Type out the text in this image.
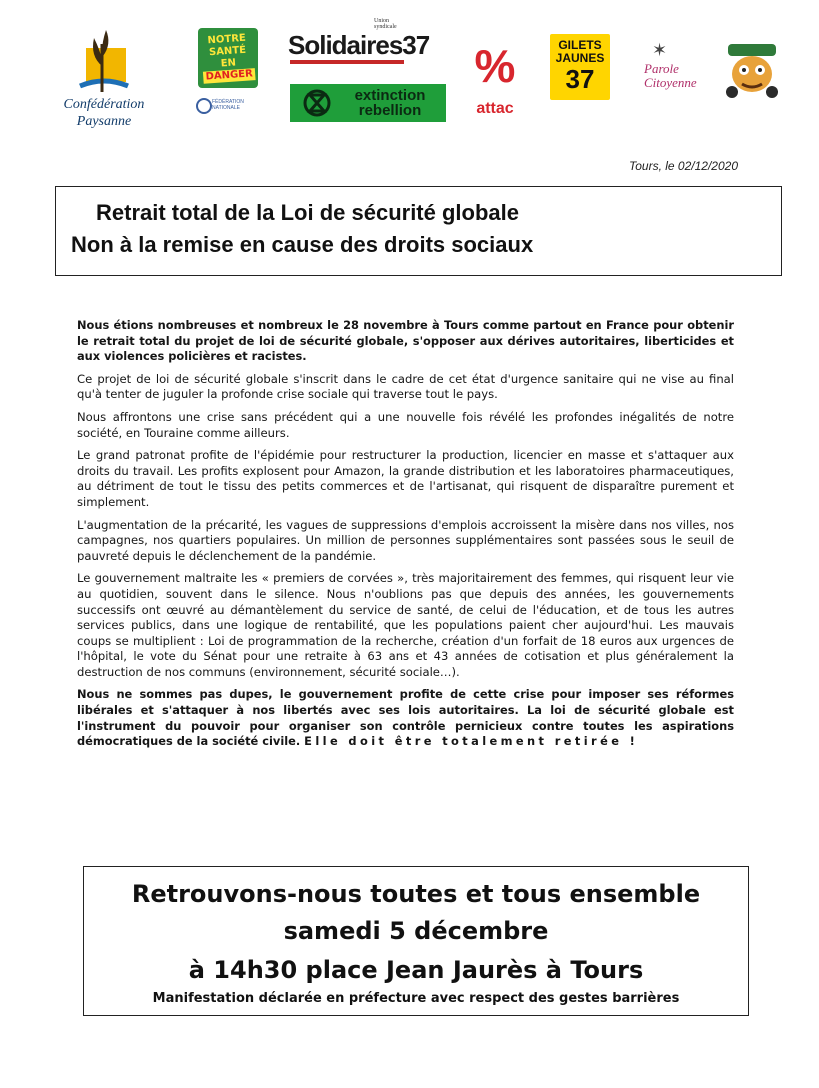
Confédération
Paysanne
NOTRE
SANTÉ EN
DANGER
FÉDÉRATION NATIONALE
Union
syndicale
Solidaires37
extinction
rebellion
%
attac
GILETS
JAUNES
37
✶
Parole
Citoyenne
Tours, le 02/12/2020
Retrait total de la Loi de sécurité globale
Non à la remise en cause des droits sociaux

Nous étions nombreuses et nombreux le 28 novembre à Tours comme partout en France pour obtenir le retrait total du projet de loi de sécurité globale, s'opposer aux dérives autoritaires, liberticides et aux violences policières et racistes.

Ce projet de loi de sécurité globale s'inscrit dans le cadre de cet état d'urgence sanitaire qui ne vise au final qu'à tenter de juguler la profonde crise sociale qui traverse tout le pays.

Nous affrontons une crise sans précédent qui a une nouvelle fois révélé les profondes inégalités de notre société, en Touraine comme ailleurs.

Le grand patronat profite de l'épidémie pour restructurer la production, licencier en masse et s'attaquer aux droits du travail. Les profits explosent pour Amazon, la grande distribution et les laboratoires pharmaceutiques, au détriment de tout le tissu des petits commerces et de l'artisanat, qui risquent de disparaître purement et simplement.

L'augmentation de la précarité, les vagues de suppressions d'emplois accroissent la misère dans nos villes, nos campagnes, nos quartiers populaires. Un million de personnes supplémentaires sont passées sous le seuil de pauvreté depuis le déclenchement de la pandémie.

Le gouvernement maltraite les « premiers de corvées », très majoritairement des femmes, qui risquent leur vie au quotidien, souvent dans le silence. Nous n'oublions pas que depuis des années, les gouvernements successifs ont œuvré au démantèlement du service de santé, de celui de l'éducation, et de tous les autres services publics, dans une logique de rentabilité, que les populations paient cher aujourd'hui. Les mauvais coups se multiplient : Loi de programmation de la recherche, création d'un forfait de 18 euros aux urgences de l'hôpital, le vote du Sénat pour une retraite à 63 ans et 43 années de cotisation et plus généralement la destruction de nos communs (environnement, sécurité sociale…).

Nous ne sommes pas dupes, le gouvernement profite de cette crise pour imposer ses réformes libérales et s'attaquer à nos libertés avec ses lois autoritaires. La loi de sécurité globale est l'instrument du pouvoir pour organiser son contrôle pernicieux contre toutes les aspirations démocratiques de la société civile. Elle doit être totalement retirée !

Retrouvons-nous toutes et tous ensemble
samedi 5 décembre
à 14h30 place Jean Jaurès à Tours
Manifestation déclarée en préfecture avec respect des gestes barrières
